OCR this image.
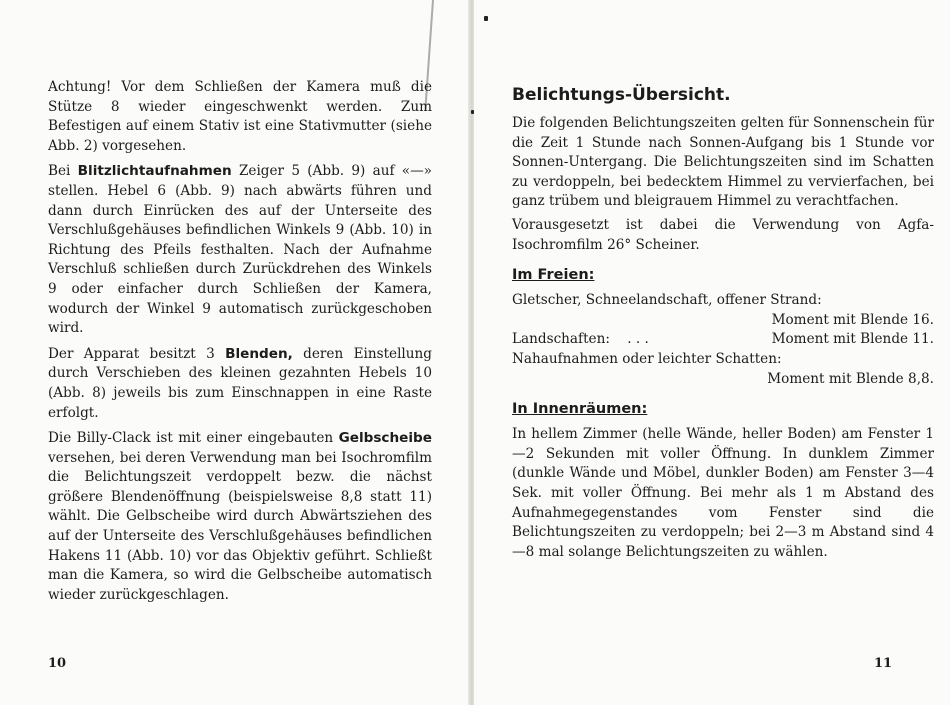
Achtung! Vor dem Schließen der Kamera muß die Stütze 8 wieder eingeschwenkt werden. Zum Befestigen auf einem Stativ ist eine Stativmutter (siehe Abb. 2) vorgesehen.

Bei Blitzlichtaufnahmen Zeiger 5 (Abb. 9) auf «—» stellen. Hebel 6 (Abb. 9) nach abwärts führen und dann durch Einrücken des auf der Unterseite des Verschlußgehäuses befindlichen Winkels 9 (Abb. 10) in Richtung des Pfeils festhalten. Nach der Aufnahme Verschluß schließen durch Zurückdrehen des Winkels 9 oder einfacher durch Schließen der Kamera, wodurch der Winkel 9 automatisch zurückgeschoben wird.

Der Apparat besitzt 3 Blenden, deren Einstellung durch Verschieben des kleinen gezahnten Hebels 10 (Abb. 8) jeweils bis zum Einschnappen in eine Raste erfolgt.

Die Billy-Clack ist mit einer eingebauten Gelbscheibe versehen, bei deren Verwendung man bei Isochromfilm die Belichtungszeit verdoppelt bezw. die nächst größere Blendenöffnung (beispielsweise 8,8 statt 11) wählt. Die Gelbscheibe wird durch Abwärtsziehen des auf der Unterseite des Verschlußgehäuses befindlichen Hakens 11 (Abb. 10) vor das Objektiv geführt. Schließt man die Kamera, so wird die Gelbscheibe automatisch wieder zurückgeschlagen.

10
Belichtungs-Übersicht.

Die folgenden Belichtungszeiten gelten für Sonnenschein für die Zeit 1 Stunde nach Sonnen-Aufgang bis 1 Stunde vor Sonnen-Untergang. Die Belichtungszeiten sind im Schatten zu verdoppeln, bei bedecktem Himmel zu vervierfachen, bei ganz trübem und bleigrauem Himmel zu verachtfachen.

Vorausgesetzt ist dabei die Verwendung von Agfa-Isochromfilm 26° Scheiner.

Im Freien:
Gletscher, Schneelandschaft, offener Strand:
Moment mit Blende 16.
Landschaften: . . .	Moment mit Blende 11.
Nahaufnahmen oder leichter Schatten:
Moment mit Blende 8,8.
In Innenräumen:

In hellem Zimmer (helle Wände, heller Boden) am Fenster 1—2 Sekunden mit voller Öffnung. In dunklem Zimmer (dunkle Wände und Möbel, dunkler Boden) am Fenster 3—4 Sek. mit voller Öffnung. Bei mehr als 1 m Abstand des Aufnahmegegenstandes vom Fenster sind die Belichtungszeiten zu verdoppeln; bei 2—3 m Abstand sind 4—8 mal solange Belichtungszeiten zu wählen.

11
